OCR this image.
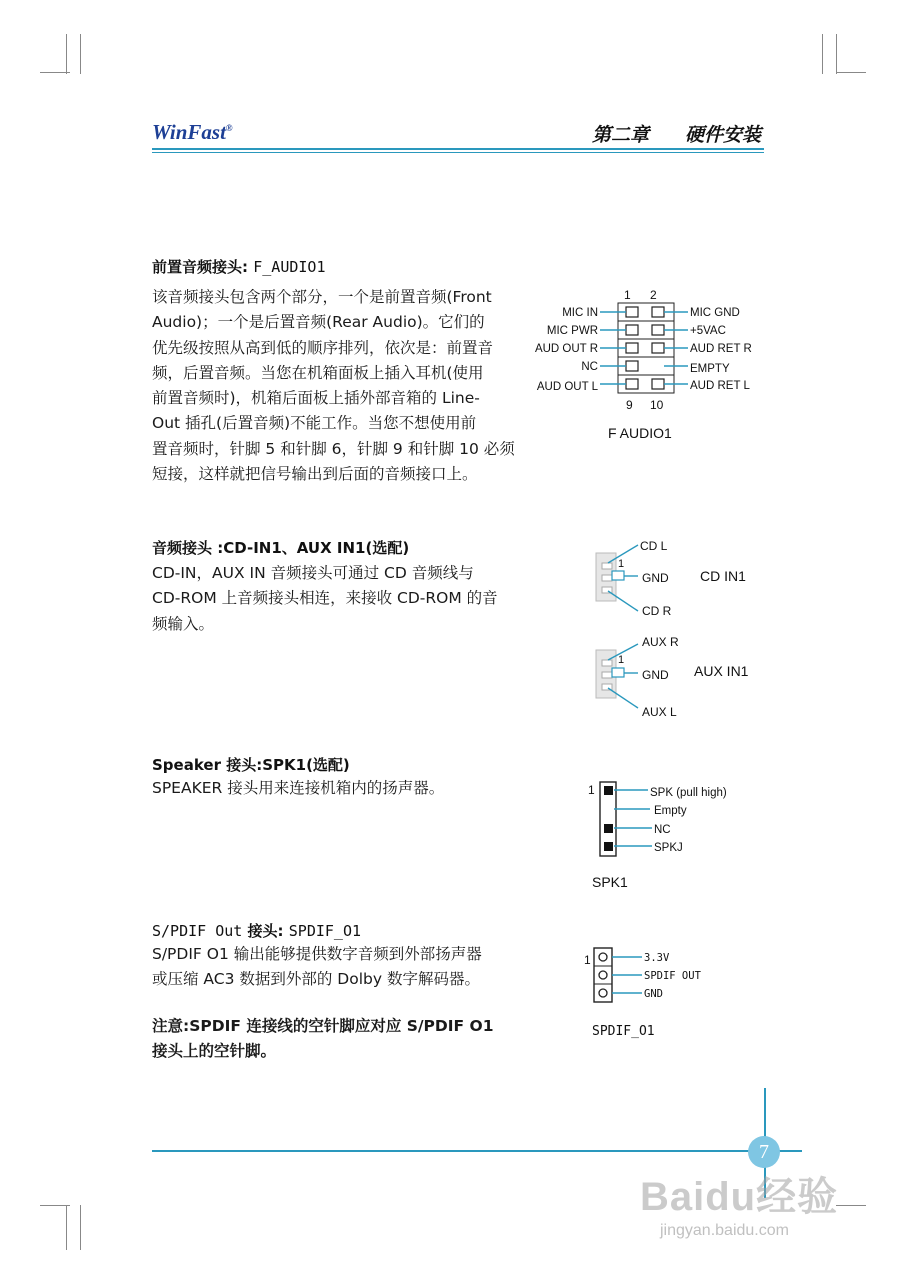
WinFast®	第二章 硬件安装
前置音频接头: F_AUDIO1
该音频接头包含两个部分，一个是前置音频(Front
Audio)；一个是后置音频(Rear Audio)。它们的
优先级按照从高到低的顺序排列，依次是：前置音
频，后置音频。当您在机箱面板上插入耳机(使用
前置音频时)，机箱后面板上插外部音箱的 Line-
Out 插孔(后置音频)不能工作。当您不想使用前
置音频时，针脚 5 和针脚 6，针脚 9 和针脚 10 必须
短接，这样就把信号输出到后面的音频接口上。
1 2
MIC IN
MIC PWR
AUD OUT R
NC
AUD OUT L
MIC GND
+5VAC
AUD RET R
EMPTY
AUD RET L
9 10
F AUDIO1
音频接头 :CD-IN1、AUX IN1(选配)
CD-IN，AUX IN 音频接头可通过 CD 音频线与
CD-ROM 上音频接头相连，来接收 CD-ROM 的音
频输入。
1
CD L
GND
CD R
CD IN1
1
AUX R
GND
AUX L
AUX IN1
Speaker 接头:SPK1(选配)
SPEAKER 接头用来连接机箱内的扬声器。	1	SPK (pull high)
Empty
NC
SPKJ
SPK1
S/PDIF Out 接头: SPDIF_O1
S/PDIF O1 输出能够提供数字音频到外部扬声器
或压缩 AC3 数据到外部的 Dolby 数字解码器。
注意:SPDIF 连接线的空针脚应对应 S/PDIF O1
接头上的空针脚。
1	3.3V
SPDIF OUT
GND
SPDIF_O1
7
Baidu经验
jingyan.baidu.com
